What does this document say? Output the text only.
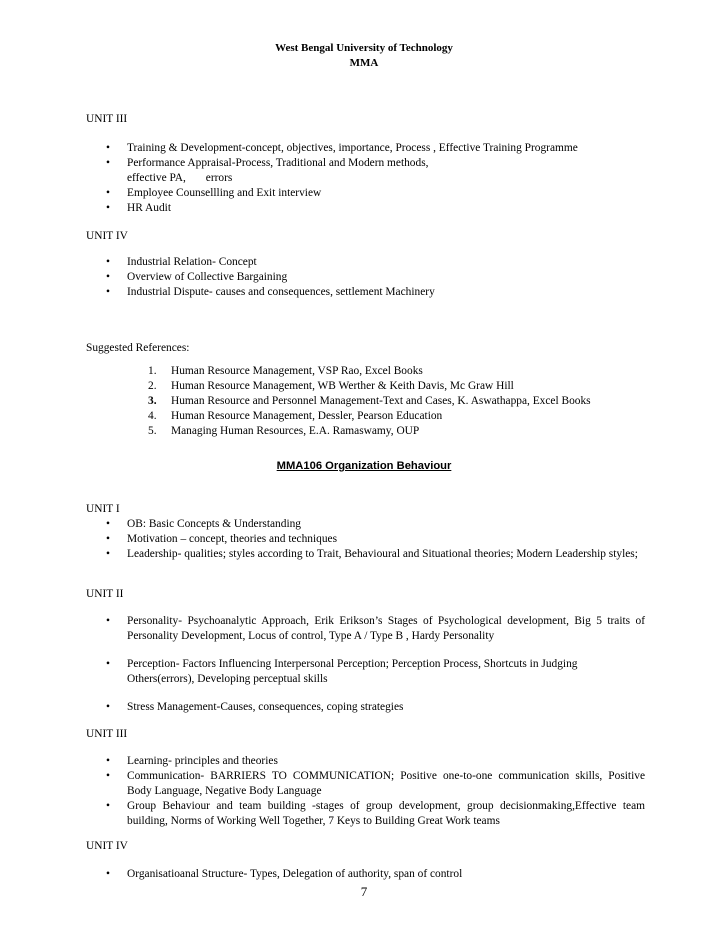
West Bengal University of Technology
MMA
UNIT III
• Training & Development-concept, objectives, importance, Process , Effective Training Programme
• Performance Appraisal-Process, Traditional and Modern methods, effective PA,       errors
• Employee Counsellling and Exit interview
• HR Audit
UNIT IV
• Industrial Relation- Concept
• Overview of Collective Bargaining
• Industrial Dispute- causes and consequences, settlement Machinery
Suggested References:
1. Human Resource Management, VSP Rao, Excel Books
2. Human Resource Management, WB Werther & Keith Davis, Mc Graw Hill
3. Human Resource and Personnel Management-Text and Cases, K. Aswathappa, Excel Books
4. Human Resource Management, Dessler, Pearson Education
5. Managing Human Resources, E.A. Ramaswamy, OUP
MMA106 Organization Behaviour
UNIT I
• OB: Basic Concepts & Understanding
• Motivation – concept, theories and techniques
• Leadership- qualities; styles according to Trait, Behavioural and Situational theories; Modern Leadership styles;
UNIT II
• Personality- Psychoanalytic Approach, Erik Erikson’s Stages of Psychological development, Big 5 traits of Personality Development, Locus of control, Type A / Type B , Hardy Personality
• Perception- Factors Influencing Interpersonal Perception; Perception Process, Shortcuts in Judging Others(errors), Developing perceptual skills
• Stress Management-Causes, consequences, coping strategies
UNIT III
• Learning- principles and theories
• Communication- BARRIERS TO COMMUNICATION; Positive one-to-one communication skills, Positive Body Language, Negative Body Language
• Group Behaviour and team building -stages of group development, group decisionmaking,Effective team building, Norms of Working Well Together, 7 Keys to Building Great Work teams
UNIT IV
• Organisatioanal Structure- Types, Delegation of authority, span of control
7
